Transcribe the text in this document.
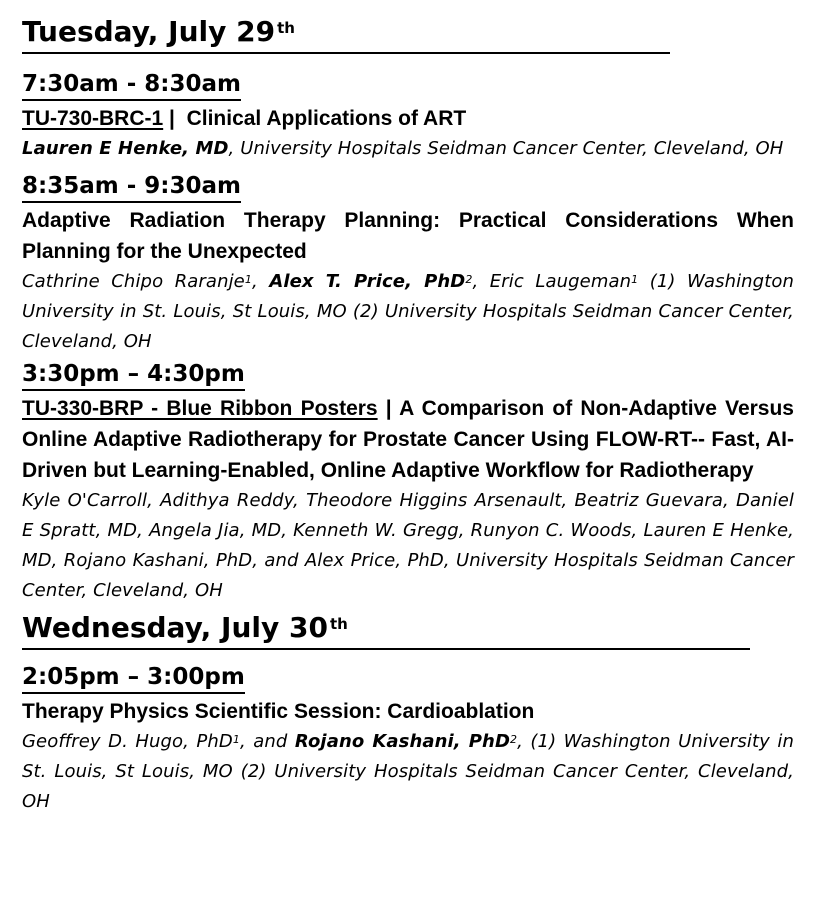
Tuesday, July 29 $^{th}$
7:30am - 8:30am
TU-730-BRC-1 |  Clinical Applications of ART
Lauren E Henke, MD, University Hospitals Seidman Cancer Center, Cleveland, OH
8:35am - 9:30am
Adaptive Radiation Therapy Planning: Practical Considerations When Planning for the Unexpected
Cathrine Chipo Raranje$^1$, Alex T. Price, PhD$^2$, Eric Laugeman$^1$ (1) Washington University in St. Louis, St Louis, MO (2) University Hospitals Seidman Cancer Center, Cleveland, OH
3:30pm – 4:30pm
TU-330-BRP - Blue Ribbon Posters | A Comparison of Non-Adaptive Versus Online Adaptive Radiotherapy for Prostate Cancer Using FLOW-RT-- Fast, AI-Driven but Learning-Enabled, Online Adaptive Workflow for Radiotherapy
Kyle O'Carroll, Adithya Reddy, Theodore Higgins Arsenault, Beatriz Guevara, Daniel E Spratt, MD, Angela Jia, MD, Kenneth W. Gregg, Runyon C. Woods, Lauren E Henke, MD, Rojano Kashani, PhD, and Alex Price, PhD, University Hospitals Seidman Cancer Center, Cleveland, OH
Wednesday, July 30 $^{th}$
2:05pm – 3:00pm
Therapy Physics Scientific Session: Cardioablation
Geoffrey D. Hugo, PhD$^1$, and Rojano Kashani, PhD$^2$, (1) Washington University in St. Louis, St Louis, MO (2) University Hospitals Seidman Cancer Center, Cleveland, OH
